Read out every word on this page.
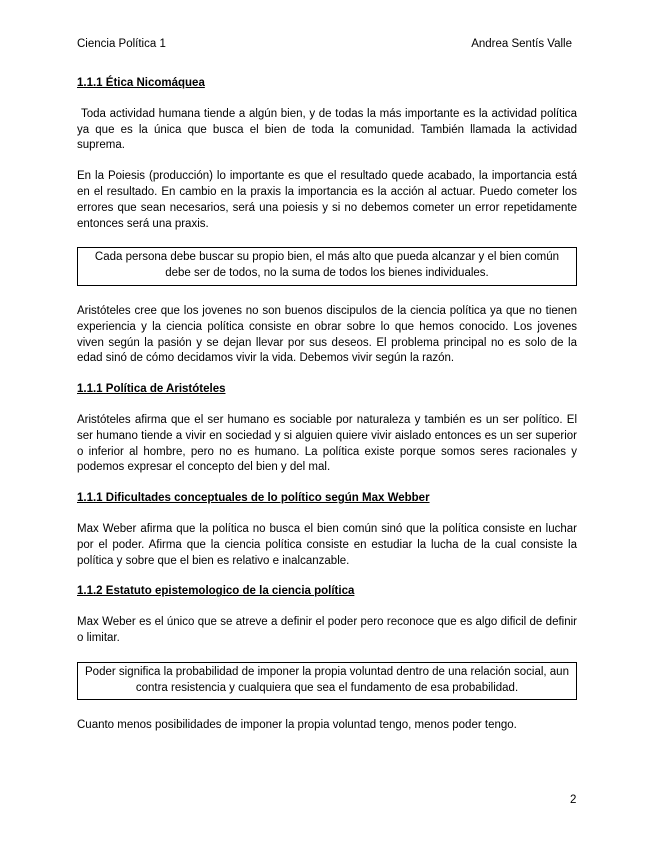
Ciencia Política 1	Andrea Sentís Valle
1.1.1 Ética Nicomáquea

Toda actividad humana tiende a algún bien, y de todas la más importante es la actividad política ya que es la única que busca el bien de toda la comunidad. También llamada la actividad suprema.

En la Poiesis (producción) lo importante es que el resultado quede acabado, la importancia está en el resultado. En cambio en la praxis la importancia es la acción al actuar. Puedo cometer los errores que sean necesarios, será una poiesis y si no debemos cometer un error repetidamente entonces será una praxis.

Cada persona debe buscar su propio bien, el más alto que pueda alcanzar y el bien común debe ser de todos, no la suma de todos los bienes individuales.

Aristóteles cree que los jovenes no son buenos discipulos de la ciencia política ya que no tienen experiencia y la ciencia política consiste en obrar sobre lo que hemos conocido. Los jovenes viven según la pasión y se dejan llevar por sus deseos. El problema principal no es solo de la edad sinó de cómo decidamos vivir la vida. Debemos vivir según la razón.

1.1.1 Política de Aristóteles

Aristóteles afirma que el ser humano es sociable por naturaleza y también es un ser político. El ser humano tiende a vivir en sociedad y si alguien quiere vivir aislado entonces es un ser superior o inferior al hombre, pero no es humano. La política existe porque somos seres racionales y podemos expresar el concepto del bien y del mal.

1.1.1 Dificultades conceptuales de lo político según Max Webber

Max Weber afirma que la política no busca el bien común sinó que la política consiste en luchar por el poder. Afirma que la ciencia política consiste en estudiar la lucha de la cual consiste la política y sobre que el bien es relativo e inalcanzable.

1.1.2 Estatuto epistemologico de la ciencia política

Max Weber es el único que se atreve a definir el poder pero reconoce que es algo dificil de definir o limitar.

Poder significa la probabilidad de imponer la propia voluntad dentro de una relación social, aun contra resistencia y cualquiera que sea el fundamento de esa probabilidad.

Cuanto menos posibilidades de imponer la propia voluntad tengo, menos poder tengo.

2
